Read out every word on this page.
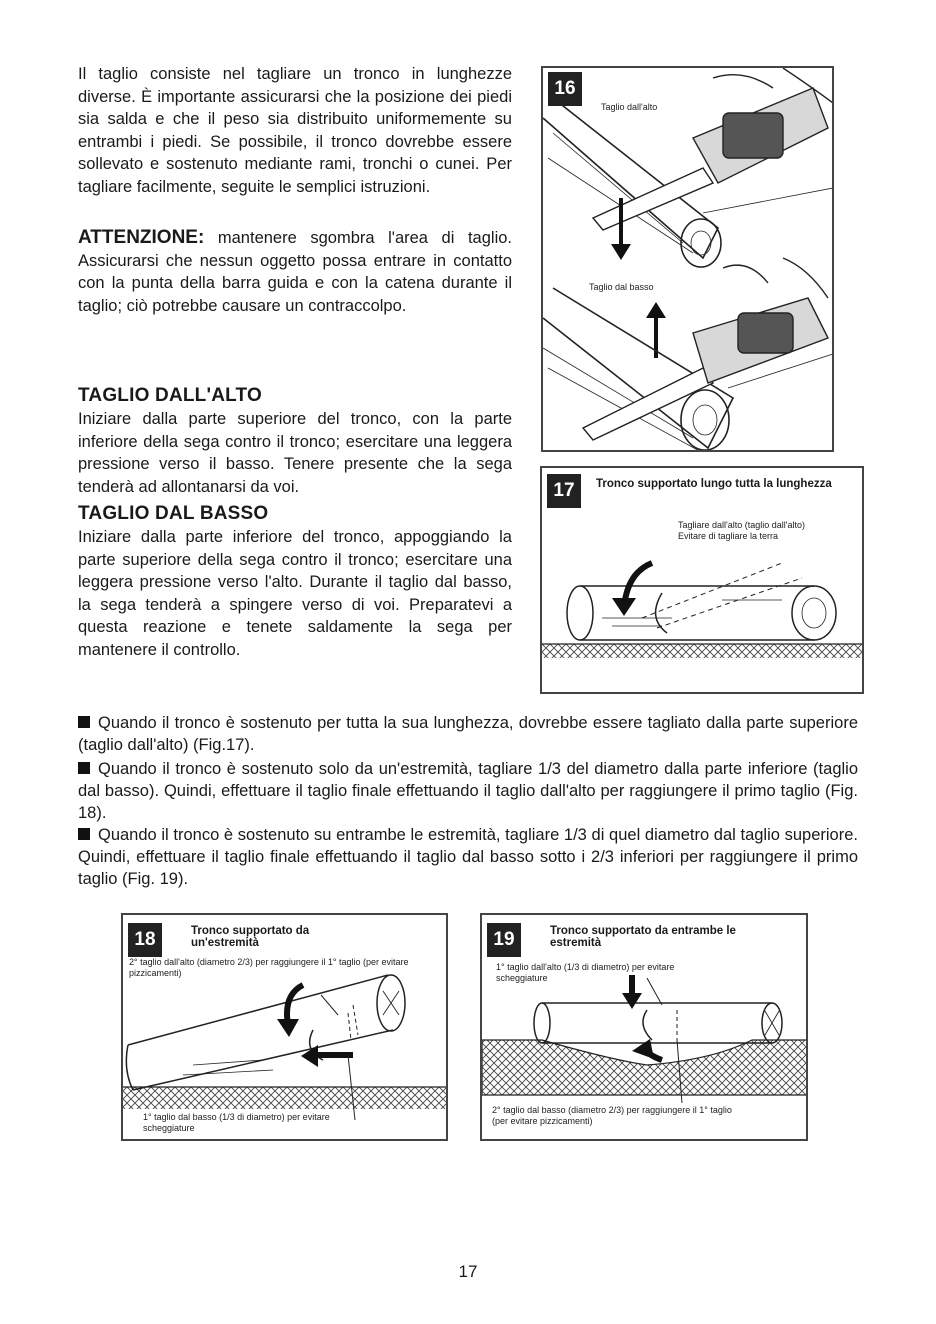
Il taglio consiste nel tagliare un tronco in lunghezze diverse. È importante assicurarsi che la posizione dei piedi sia salda e che il peso sia distribuito uniformemente su entrambi i piedi. Se possibile, il tronco dovrebbe essere sollevato e sostenuto mediante rami, tronchi o cunei. Per tagliare facilmente, seguite le semplici istruzioni.
ATTENZIONE: mantenere sgombra l'area di taglio. Assicurarsi che nessun oggetto possa entrare in contatto con la punta della barra guida e con la catena durante il taglio; ciò potrebbe causare un contraccolpo.
TAGLIO DALL'ALTO
Iniziare dalla parte superiore del tronco, con la parte inferiore della sega contro il tronco; esercitare una leggera pressione verso il basso. Tenere presente che la sega tenderà ad allontanarsi da voi.
TAGLIO DAL BASSO
Iniziare dalla parte inferiore del tronco, appoggiando la parte superiore della sega contro il tronco; esercitare una leggera pressione verso l'alto. Durante il taglio dal basso, la sega tenderà a spingere verso di voi. Preparatevi a questa reazione e tenete saldamente la sega per mantenere il controllo.
16
Taglio dall'alto
Taglio dal basso
17	Tronco supportato lungo tutta la lunghezza
Tagliare dall'alto (taglio dall'alto)
Evitare di tagliare la terra
Quando il tronco è sostenuto per tutta la sua lunghezza, dovrebbe essere tagliato dalla parte superiore (taglio dall'alto) (Fig.17).
Quando il tronco è sostenuto solo da un'estremità, tagliare 1/3 del diametro dalla parte inferiore (taglio dal basso). Quindi, effettuare il taglio finale effettuando il taglio dall'alto per raggiungere il primo taglio (Fig. 18).
Quando il tronco è sostenuto su entrambe le estremità, tagliare 1/3 di quel diametro dal taglio superiore. Quindi, effettuare il taglio finale effettuando il taglio dal basso sotto i 2/3 inferiori per raggiungere il primo taglio (Fig. 19).
18	Tronco supportato da
un'estremità
2° taglio dall'alto (diametro 2/3) per raggiungere il 1° taglio (per evitare pizzicamenti)
1° taglio dal basso (1/3 di diametro) per evitare
scheggiature
19	Tronco supportato da entrambe le
estremità
1° taglio dall'alto (1/3 di diametro) per evitare
scheggiature
2° taglio dal basso (diametro 2/3) per raggiungere il 1° taglio
(per evitare pizzicamenti)
17
